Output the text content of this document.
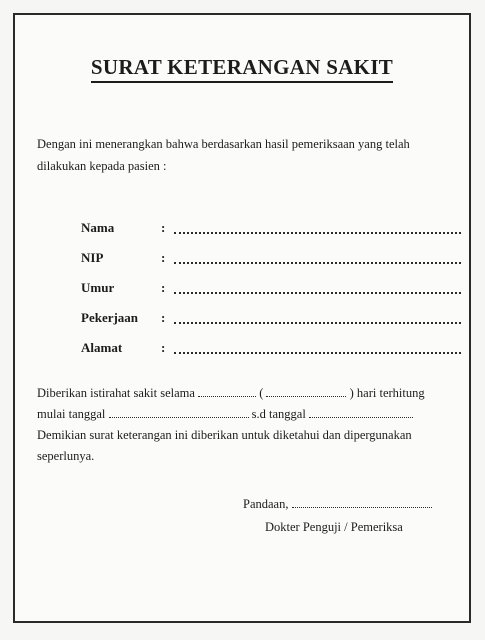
SURAT KETERANGAN SAKIT
Dengan ini menerangkan bahwa berdasarkan hasil pemeriksaan yang telah
dilakukan kepada pasien :
Nama	:
NIP	:
Umur	:
Pekerjaan :
Alamat	:
Diberikan istirahat sakit selama	(	) hari terhitung
mulai tanggal	s.d tanggal
Demikian surat keterangan ini diberikan untuk diketahui dan dipergunakan
seperlunya.
Pandaan,
Dokter Penguji / Pemeriksa
